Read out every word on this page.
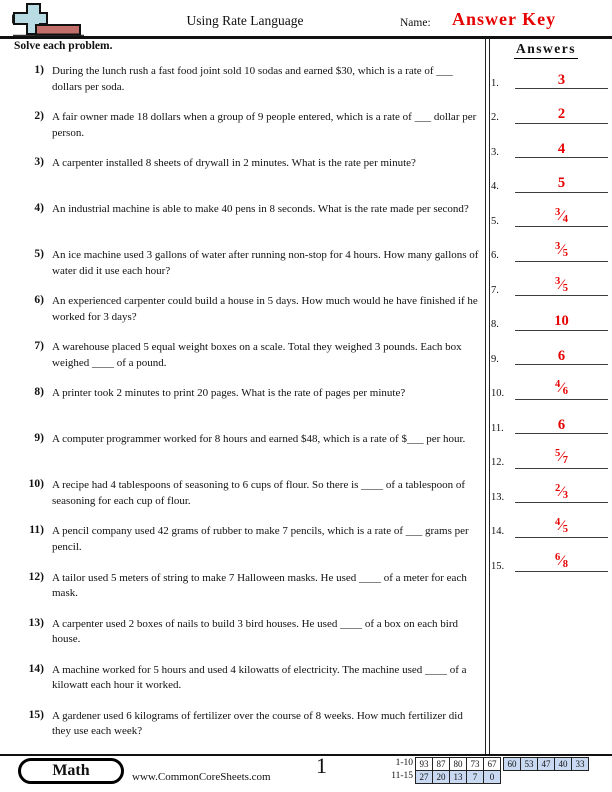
Using Rate Language	Name: Answer Key
Solve each problem.	Answers
1) During the lunch rush a fast food joint sold 10 sodas and earned $30, which is a rate of ___ dollars per soda.
2) A fair owner made 18 dollars when a group of 9 people entered, which is a rate of ___ dollar per person.
3) A carpenter installed 8 sheets of drywall in 2 minutes. What is the rate per minute?
4) An industrial machine is able to make 40 pens in 8 seconds. What is the rate made per second?
5) An ice machine used 3 gallons of water after running non-stop for 4 hours. How many gallons of water did it use each hour?
6) An experienced carpenter could build a house in 5 days. How much would he have finished if he worked for 3 days?
7) A warehouse placed 5 equal weight boxes on a scale. Total they weighed 3 pounds. Each box weighed ____ of a pound.
8) A printer took 2 minutes to print 20 pages. What is the rate of pages per minute?
9) A computer programmer worked for 8 hours and earned $48, which is a rate of $___ per hour.
10) A recipe had 4 tablespoons of seasoning to 6 cups of flour. So there is ____ of a tablespoon of seasoning for each cup of flour.
11) A pencil company used 42 grams of rubber to make 7 pencils, which is a rate of ___ grams per pencil.
12) A tailor used 5 meters of string to make 7 Halloween masks. He used ____ of a meter for each mask.
13) A carpenter used 2 boxes of nails to build 3 bird houses. He used ____ of a box on each bird house.
14) A machine worked for 5 hours and used 4 kilowatts of electricity. The machine used ____ of a kilowatt each hour it worked.
15) A gardener used 6 kilograms of fertilizer over the course of 8 weeks. How much fertilizer did they use each week?
1.	3
2.	2
3.	4
4.	5
5.
$^3$⁄4
6.
$^3$⁄5
7.
$^3$⁄5
8.	10
9.	6
10.
$^4$⁄6
11.	6
12.
$^5$⁄7
13.
$^2$⁄3
14.
$^4$⁄5
15.
$^6$⁄8
Math	www.CommonCoreSheets.com 1	1-10 93 87 80 73 67	60 53 47 40 33
11-15 27 20 13	7	0
